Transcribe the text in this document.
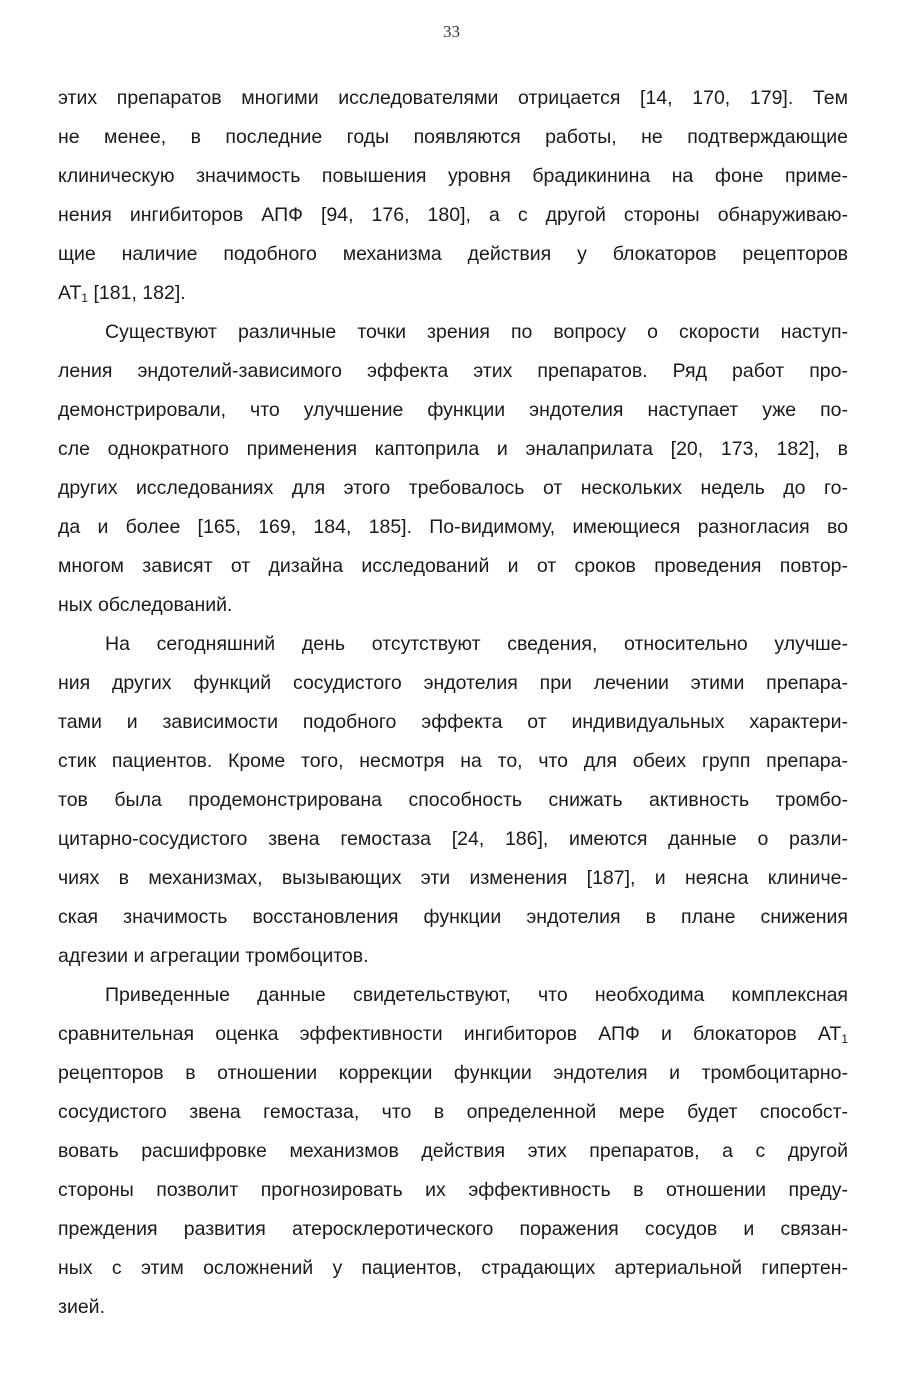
33
этих препаратов многими исследователями отрицается [14, 170, 179]. Тем
не менее, в последние годы появляются работы, не подтверждающие
клиническую значимость повышения уровня брадикинина на фоне приме-
нения ингибиторов АПФ [94, 176, 180], а с другой стороны обнаруживаю-
щие наличие подобного механизма действия у блокаторов рецепторов
$АТ_1$ [181, 182].
Существуют различные точки зрения по вопросу о скорости наступ-
ления эндотелий-зависимого эффекта этих препаратов. Ряд работ про-
демонстрировали, что улучшение функции эндотелия наступает уже по-
сле однократного применения каптоприла и эналаприлата [20, 173, 182], в
других исследованиях для этого требовалось от нескольких недель до го-
да и более [165, 169, 184, 185]. По-видимому, имеющиеся разногласия во
многом зависят от дизайна исследований и от сроков проведения повтор-
ных обследований.
На сегодняшний день отсутствуют сведения, относительно улучше-
ния других функций сосудистого эндотелия при лечении этими препара-
тами и зависимости подобного эффекта от индивидуальных характери-
стик пациентов. Кроме того, несмотря на то, что для обеих групп препара-
тов была продемонстрирована способность снижать активность тромбо-
цитарно-сосудистого звена гемостаза [24, 186], имеются данные о разли-
чиях в механизмах, вызывающих эти изменения [187], и неясна клиниче-
ская значимость восстановления функции эндотелия в плане снижения
адгезии и агрегации тромбоцитов.
Приведенные данные свидетельствуют, что необходима комплексная
сравнительная оценка эффективности ингибиторов АПФ и блокаторов $АТ_1$
рецепторов в отношении коррекции функции эндотелия и тромбоцитарно-
сосудистого звена гемостаза, что в определенной мере будет способст-
вовать расшифровке механизмов действия этих препаратов, а с другой
стороны позволит прогнозировать их эффективность в отношении преду-
преждения развития атеросклеротического поражения сосудов и связан-
ных с этим осложнений у пациентов, страдающих артериальной гипертен-
зией.
